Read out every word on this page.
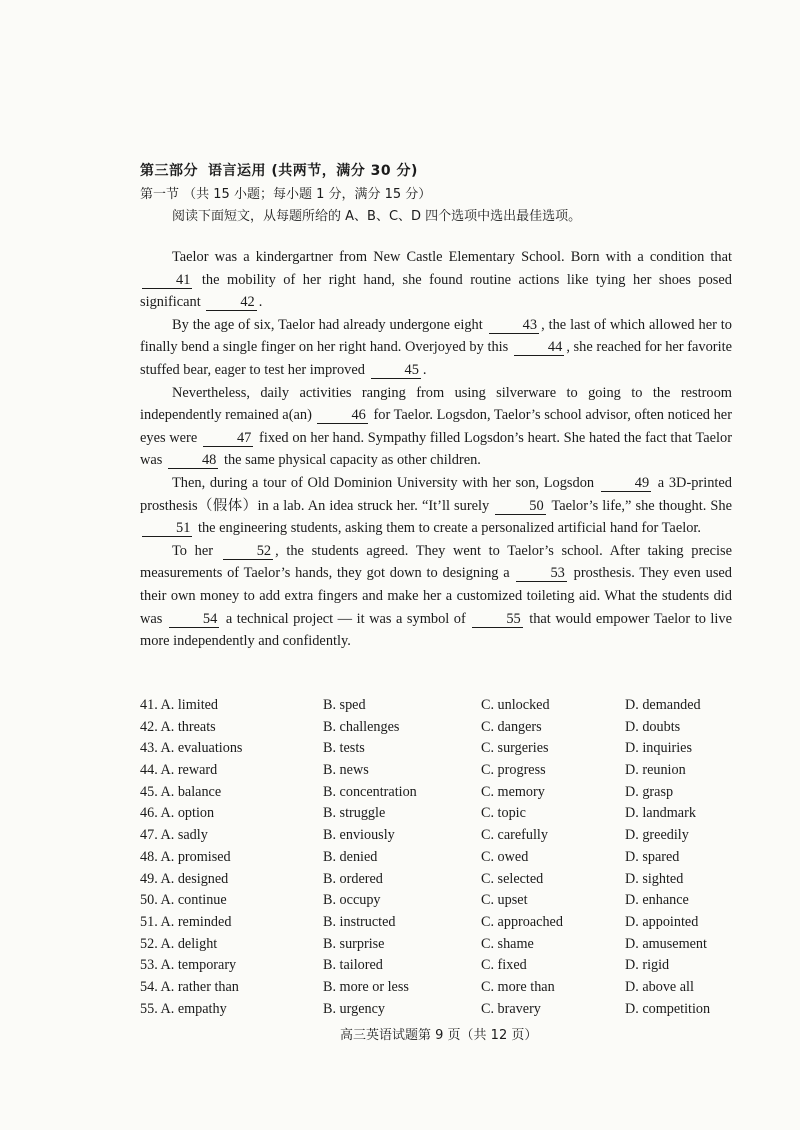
第三部分 语言运用 (共两节，满分 30 分)
第一节 （共 15 小题；每小题 1 分，满分 15 分）
阅读下面短文，从每题所给的 A、B、C、D 四个选项中选出最佳选项。

Taelor was a kindergartner from New Castle Elementary School. Born with a condition that 41 the mobility of her right hand, she found routine actions like tying her shoes posed significant	42 .

By the age of six, Taelor had already undergone eight	43 , the last of which allowed her to finally bend a single finger on her right hand. Overjoyed by this	44 , she reached for her favorite stuffed bear, eager to test her improved	45 .

Nevertheless, daily activities ranging from using silverware to going to the restroom independently remained a(an)	46 for Taelor. Logsdon, Taelor’s school advisor, often noticed her eyes were	47 fixed on her hand. Sympathy filled Logsdon’s heart. She hated the fact that Taelor was	48 the same physical capacity as other children.

Then, during a tour of Old Dominion University with her son, Logsdon	49 a 3D-printed prosthesis（假体）in a lab. An idea struck her. “It’ll surely	50 Taelor’s life,” she thought. She 51 the engineering students, asking them to create a personalized artificial hand for Taelor.

To her	52 , the students agreed. They went to Taelor’s school. After taking precise measurements of Taelor’s hands, they got down to designing a	53 prosthesis. They even used their own money to add extra fingers and make her a customized toileting aid. What the students did was	54 a technical project — it was a symbol of	55 that would empower Taelor to live more independently and confidently.

41. A. limited	B. sped	C. unlocked	D. demanded
42. A. threats	B. challenges	C. dangers	D. doubts
43. A. evaluations	B. tests	C. surgeries	D. inquiries
44. A. reward	B. news	C. progress	D. reunion
45. A. balance	B. concentration	C. memory	D. grasp
46. A. option	B. struggle	C. topic	D. landmark
47. A. sadly	B. enviously	C. carefully	D. greedily
48. A. promised	B. denied	C. owed	D. spared
49. A. designed	B. ordered	C. selected	D. sighted
50. A. continue	B. occupy	C. upset	D. enhance
51. A. reminded	B. instructed	C. approached	D. appointed
52. A. delight	B. surprise	C. shame	D. amusement
53. A. temporary	B. tailored	C. fixed	D. rigid
54. A. rather than	B. more or less	C. more than	D. above all
55. A. empathy	B. urgency	C. bravery	D. competition
高三英语试题第 9 页（共 12 页）
